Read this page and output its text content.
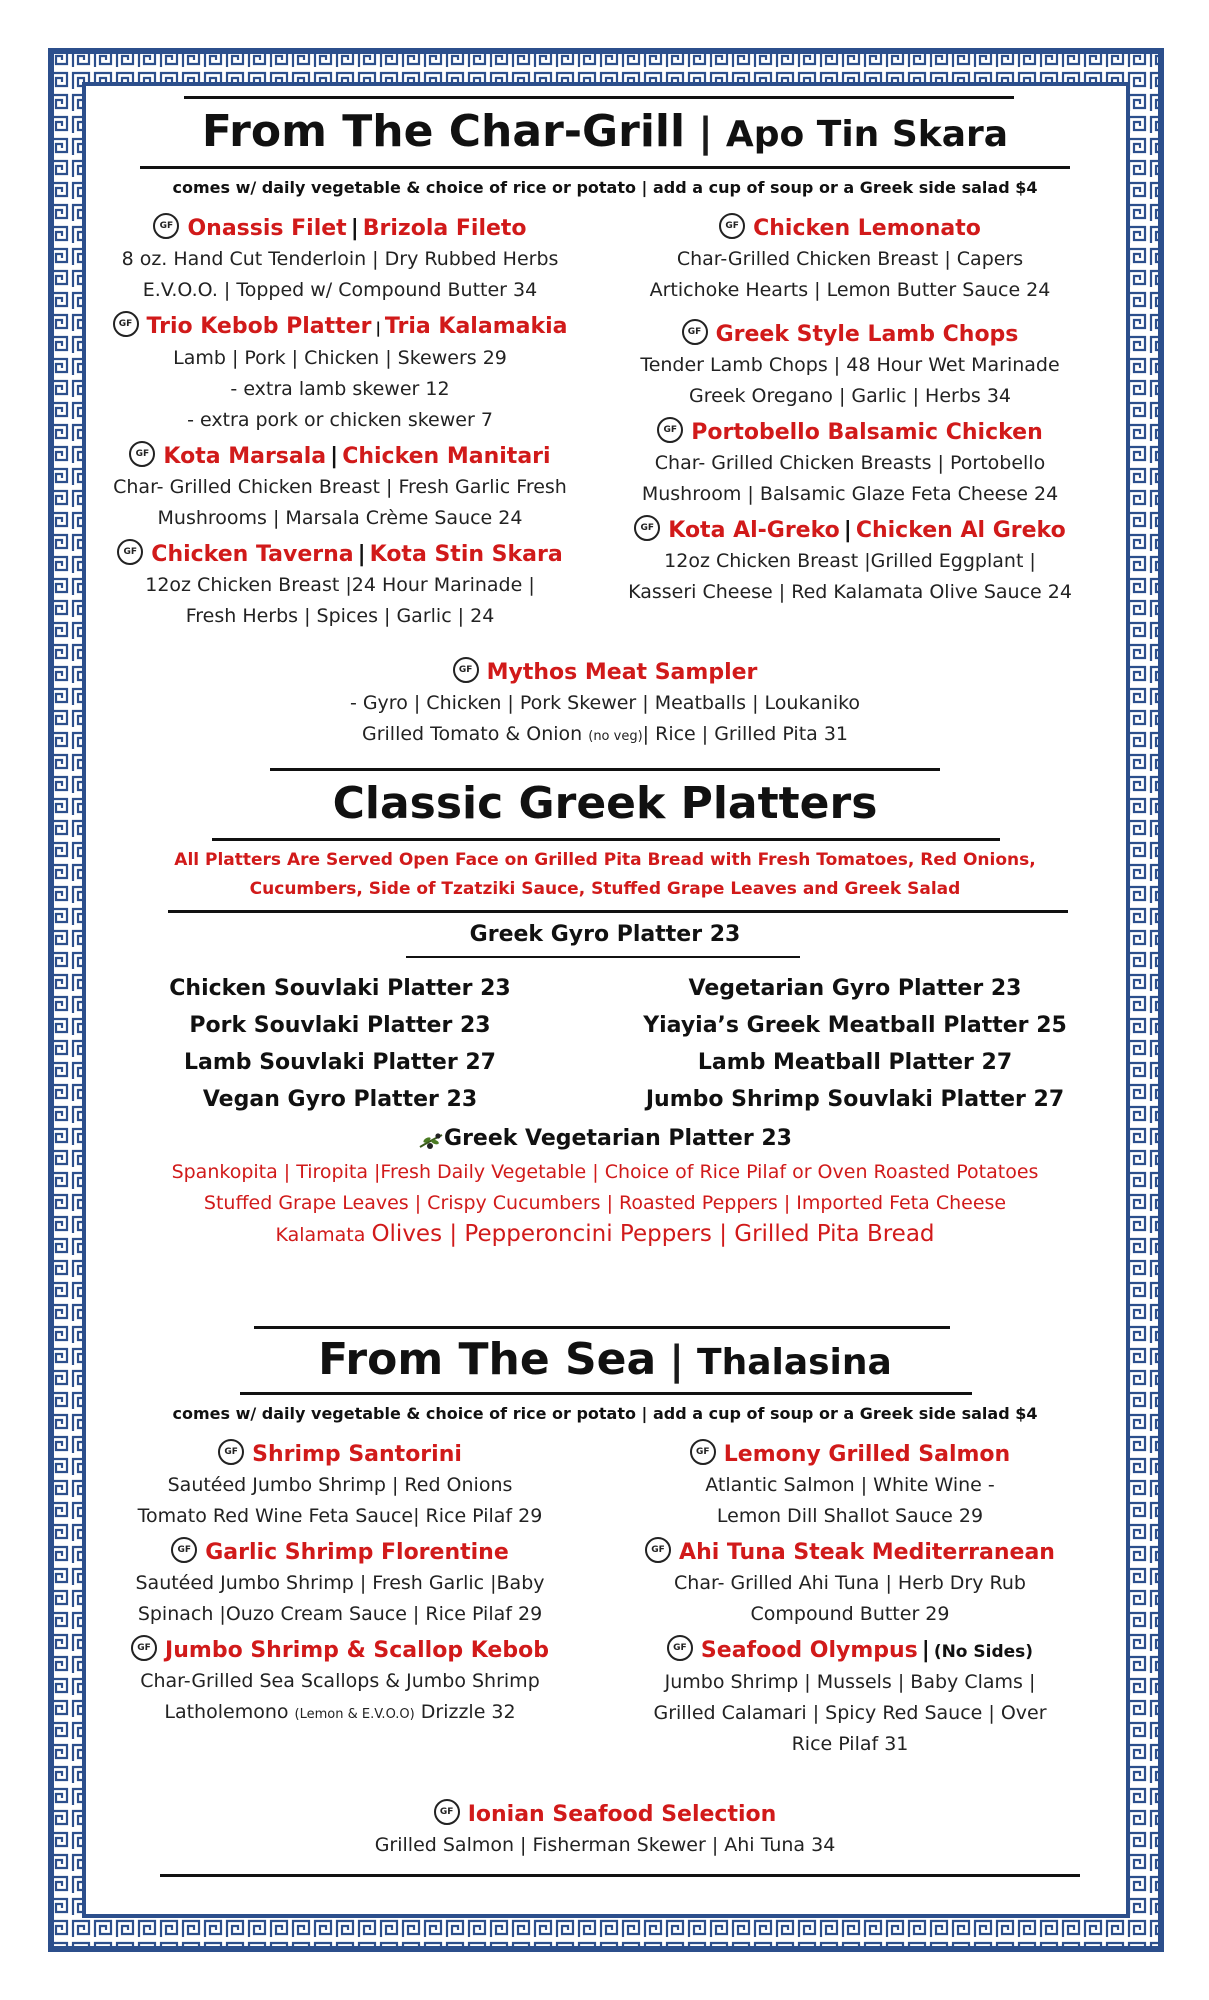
From The Char-Grill | Apo Tin Skara
comes w/ daily vegetable & choice of rice or potato | add a cup of soup or a Greek side salad $4
GF Onassis Filet | Brizola Fileto
8 oz. Hand Cut Tenderloin | Dry Rubbed Herbs
E.V.O.O. | Topped w/ Compound Butter 34
GF Trio Kebob Platter | Tria Kalamakia
Lamb | Pork | Chicken | Skewers 29
- extra lamb skewer 12
- extra pork or chicken skewer 7
GF Kota Marsala | Chicken Manitari
Char- Grilled Chicken Breast | Fresh Garlic Fresh
Mushrooms | Marsala Crème Sauce 24
GF Chicken Taverna | Kota Stin Skara
12oz Chicken Breast |24 Hour Marinade |
Fresh Herbs | Spices | Garlic | 24
GF Chicken Lemonato
Char-Grilled Chicken Breast | Capers
Artichoke Hearts | Lemon Butter Sauce 24
GF Greek Style Lamb Chops
Tender Lamb Chops | 48 Hour Wet Marinade
Greek Oregano | Garlic | Herbs 34
GF Portobello Balsamic Chicken
Char- Grilled Chicken Breasts | Portobello
Mushroom | Balsamic Glaze Feta Cheese 24
GF Kota Al-Greko | Chicken Al Greko
12oz Chicken Breast |Grilled Eggplant |
Kasseri Cheese | Red Kalamata Olive Sauce 24
GF Mythos Meat Sampler
- Gyro | Chicken | Pork Skewer | Meatballs | Loukaniko
Grilled Tomato & Onion (no veg)| Rice | Grilled Pita 31
Classic Greek Platters
All Platters Are Served Open Face on Grilled Pita Bread with Fresh Tomatoes, Red Onions,
Cucumbers, Side of Tzatziki Sauce, Stuffed Grape Leaves and Greek Salad
Greek Gyro Platter 23
Chicken Souvlaki Platter 23
Pork Souvlaki Platter 23
Lamb Souvlaki Platter 27
Vegan Gyro Platter 23
Vegetarian Gyro Platter 23
Yiayia’s Greek Meatball Platter 25
Lamb Meatball Platter 27
Jumbo Shrimp Souvlaki Platter 27
Greek Vegetarian Platter 23
Spankopita | Tiropita |Fresh Daily Vegetable | Choice of Rice Pilaf or Oven Roasted Potatoes
Stuffed Grape Leaves | Crispy Cucumbers | Roasted Peppers | Imported Feta Cheese
Kalamata Olives | Pepperoncini Peppers | Grilled Pita Bread
From The Sea | Thalasina
comes w/ daily vegetable & choice of rice or potato | add a cup of soup or a Greek side salad $4
GF Shrimp Santorini
Sautéed Jumbo Shrimp | Red Onions
Tomato Red Wine Feta Sauce| Rice Pilaf 29
GF Garlic Shrimp Florentine
Sautéed Jumbo Shrimp | Fresh Garlic |Baby
Spinach |Ouzo Cream Sauce | Rice Pilaf 29
GF Jumbo Shrimp & Scallop Kebob
Char-Grilled Sea Scallops & Jumbo Shrimp
Latholemono (Lemon & E.V.O.O) Drizzle 32
GF Lemony Grilled Salmon
Atlantic Salmon | White Wine -
Lemon Dill Shallot Sauce 29
GF Ahi Tuna Steak Mediterranean
Char- Grilled Ahi Tuna | Herb Dry Rub
Compound Butter 29
GF Seafood Olympus | (No Sides)
Jumbo Shrimp | Mussels | Baby Clams |
Grilled Calamari | Spicy Red Sauce | Over
Rice Pilaf 31
GF Ionian Seafood Selection
Grilled Salmon | Fisherman Skewer | Ahi Tuna 34
